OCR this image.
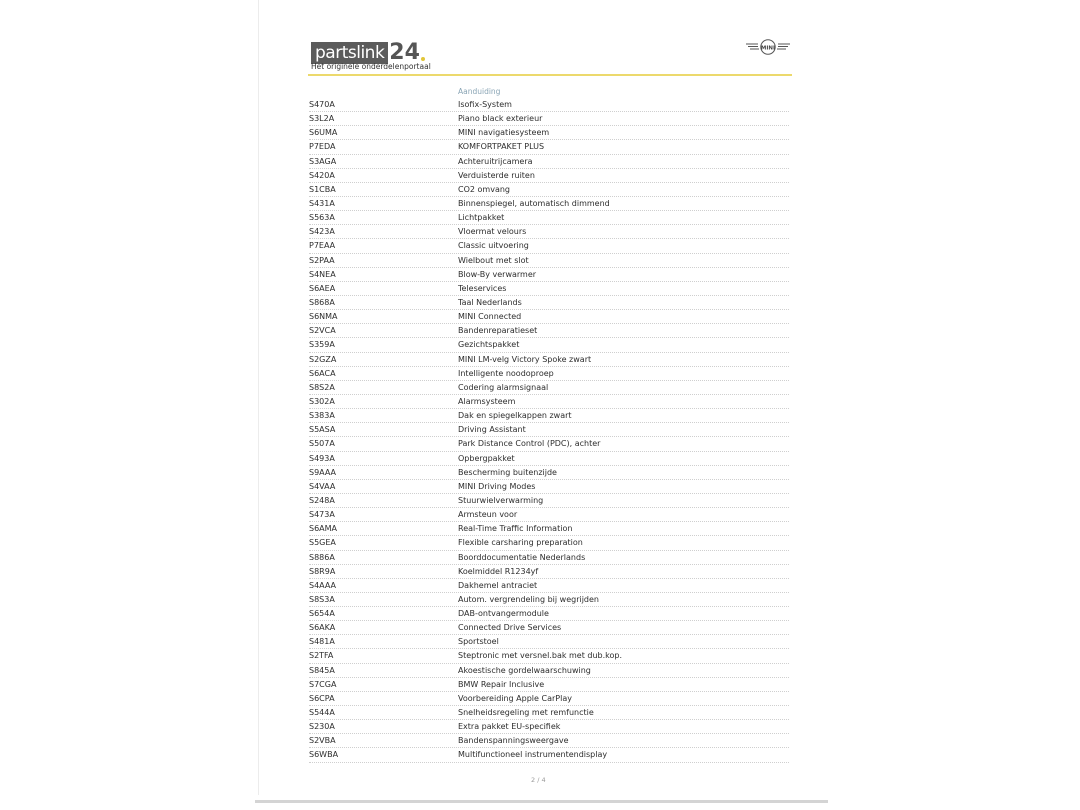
partslink 24
Het originele onderdelenportaal
MINI
Aanduiding
S470A	Isofix-System
S3L2A	Piano black exterieur
S6UMA	MINI navigatiesysteem
P7EDA	KOMFORTPAKET PLUS
S3AGA	Achteruitrijcamera
S420A	Verduisterde ruiten
S1CBA	CO2 omvang
S431A	Binnenspiegel, automatisch dimmend
S563A	Lichtpakket
S423A	Vloermat velours
P7EAA	Classic uitvoering
S2PAA	Wielbout met slot
S4NEA	Blow-By verwarmer
S6AEA	Teleservices
S868A	Taal Nederlands
S6NMA	MINI Connected
S2VCA	Bandenreparatieset
S359A	Gezichtspakket
S2GZA	MINI LM-velg Victory Spoke zwart
S6ACA	Intelligente noodoproep
S8S2A	Codering alarmsignaal
S302A	Alarmsysteem
S383A	Dak en spiegelkappen zwart
S5ASA	Driving Assistant
S507A	Park Distance Control (PDC), achter
S493A	Opbergpakket
S9AAA	Bescherming buitenzijde
S4VAA	MINI Driving Modes
S248A	Stuurwielverwarming
S473A	Armsteun voor
S6AMA	Real-Time Traffic Information
S5GEA	Flexible carsharing preparation
S886A	Boorddocumentatie Nederlands
S8R9A	Koelmiddel R1234yf
S4AAA	Dakhemel antraciet
S8S3A	Autom. vergrendeling bij wegrijden
S654A	DAB-ontvangermodule
S6AKA	Connected Drive Services
S481A	Sportstoel
S2TFA	Steptronic met versnel.bak met dub.kop.
S845A	Akoestische gordelwaarschuwing
S7CGA	BMW Repair Inclusive
S6CPA	Voorbereiding Apple CarPlay
S544A	Snelheidsregeling met remfunctie
S230A	Extra pakket EU-specifiek
S2VBA	Bandenspanningsweergave
S6WBA	Multifunctioneel instrumentendisplay
2 / 4
